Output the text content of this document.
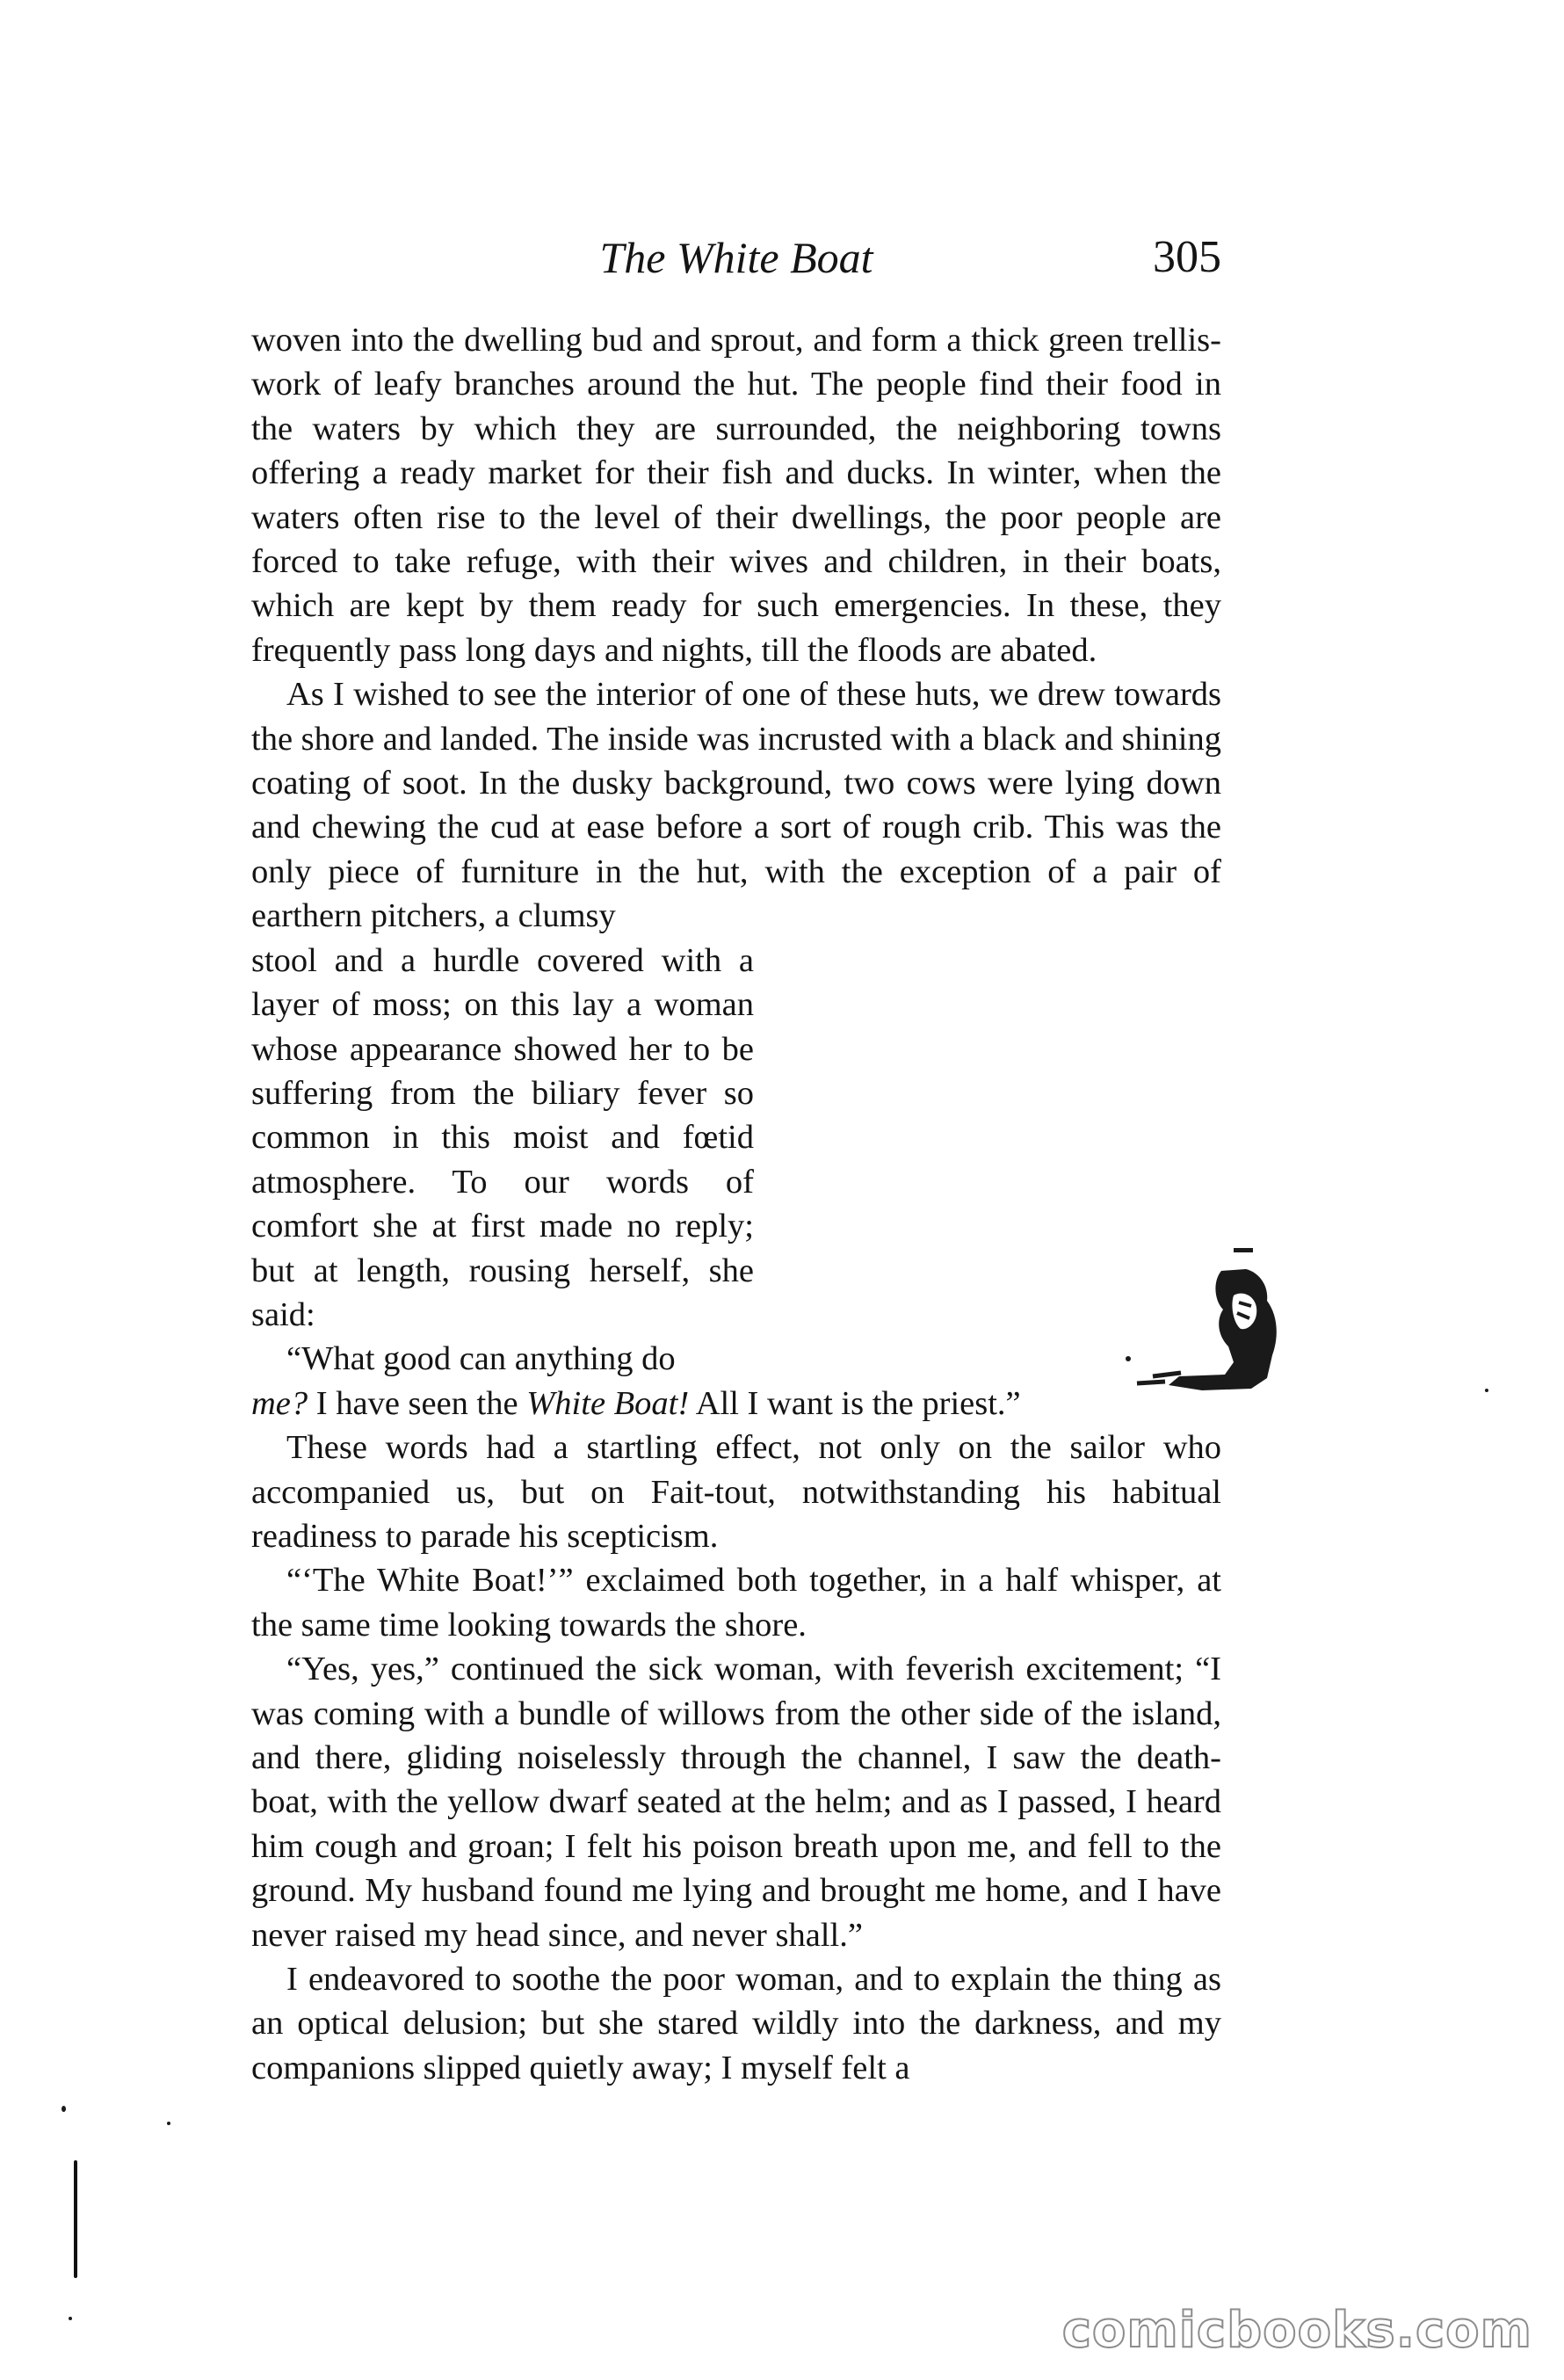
The White Boat	305

woven into the dwelling bud and sprout, and form a thick green trellis-work of leafy branches around the hut. The people find their food in the waters by which they are surrounded, the neighboring towns offering a ready market for their fish and ducks. In winter, when the waters often rise to the level of their dwellings, the poor people are forced to take refuge, with their wives and children, in their boats, which are kept by them ready for such emergencies. In these, they frequently pass long days and nights, till the floods are abated.

As I wished to see the interior of one of these huts, we drew towards the shore and landed. The inside was incrusted with a black and shining coating of soot. In the dusky background, two cows were lying down and chewing the cud at ease before a sort of rough crib. This was the only piece of furniture in the hut, with the exception of a pair of earthern pitchers, a clumsy

stool and a hurdle covered with a layer of moss; on this lay a woman whose appearance showed her to be suffering from the biliary fever so common in this moist and fœtid atmosphere. To our words of comfort she at first made no reply; but at length, rousing herself, she said:

“What good can anything do
me? I have seen the White Boat! All I want is the priest.”

These words had a startling effect, not only on the sailor who accompanied us, but on Fait-tout, notwithstanding his habitual readiness to parade his scepticism.

“‘The White Boat!’” exclaimed both together, in a half whisper, at the same time looking towards the shore.

“Yes, yes,” continued the sick woman, with feverish excitement; “I was coming with a bundle of willows from the other side of the island, and there, gliding noiselessly through the channel, I saw the death-boat, with the yellow dwarf seated at the helm; and as I passed, I heard him cough and groan; I felt his poison breath upon me, and fell to the ground. My husband found me lying and brought me home, and I have never raised my head since, and never shall.”

I endeavored to soothe the poor woman, and to explain the thing as an optical delusion; but she stared wildly into the darkness, and my companions slipped quietly away; I myself felt a

comicbooks.com
